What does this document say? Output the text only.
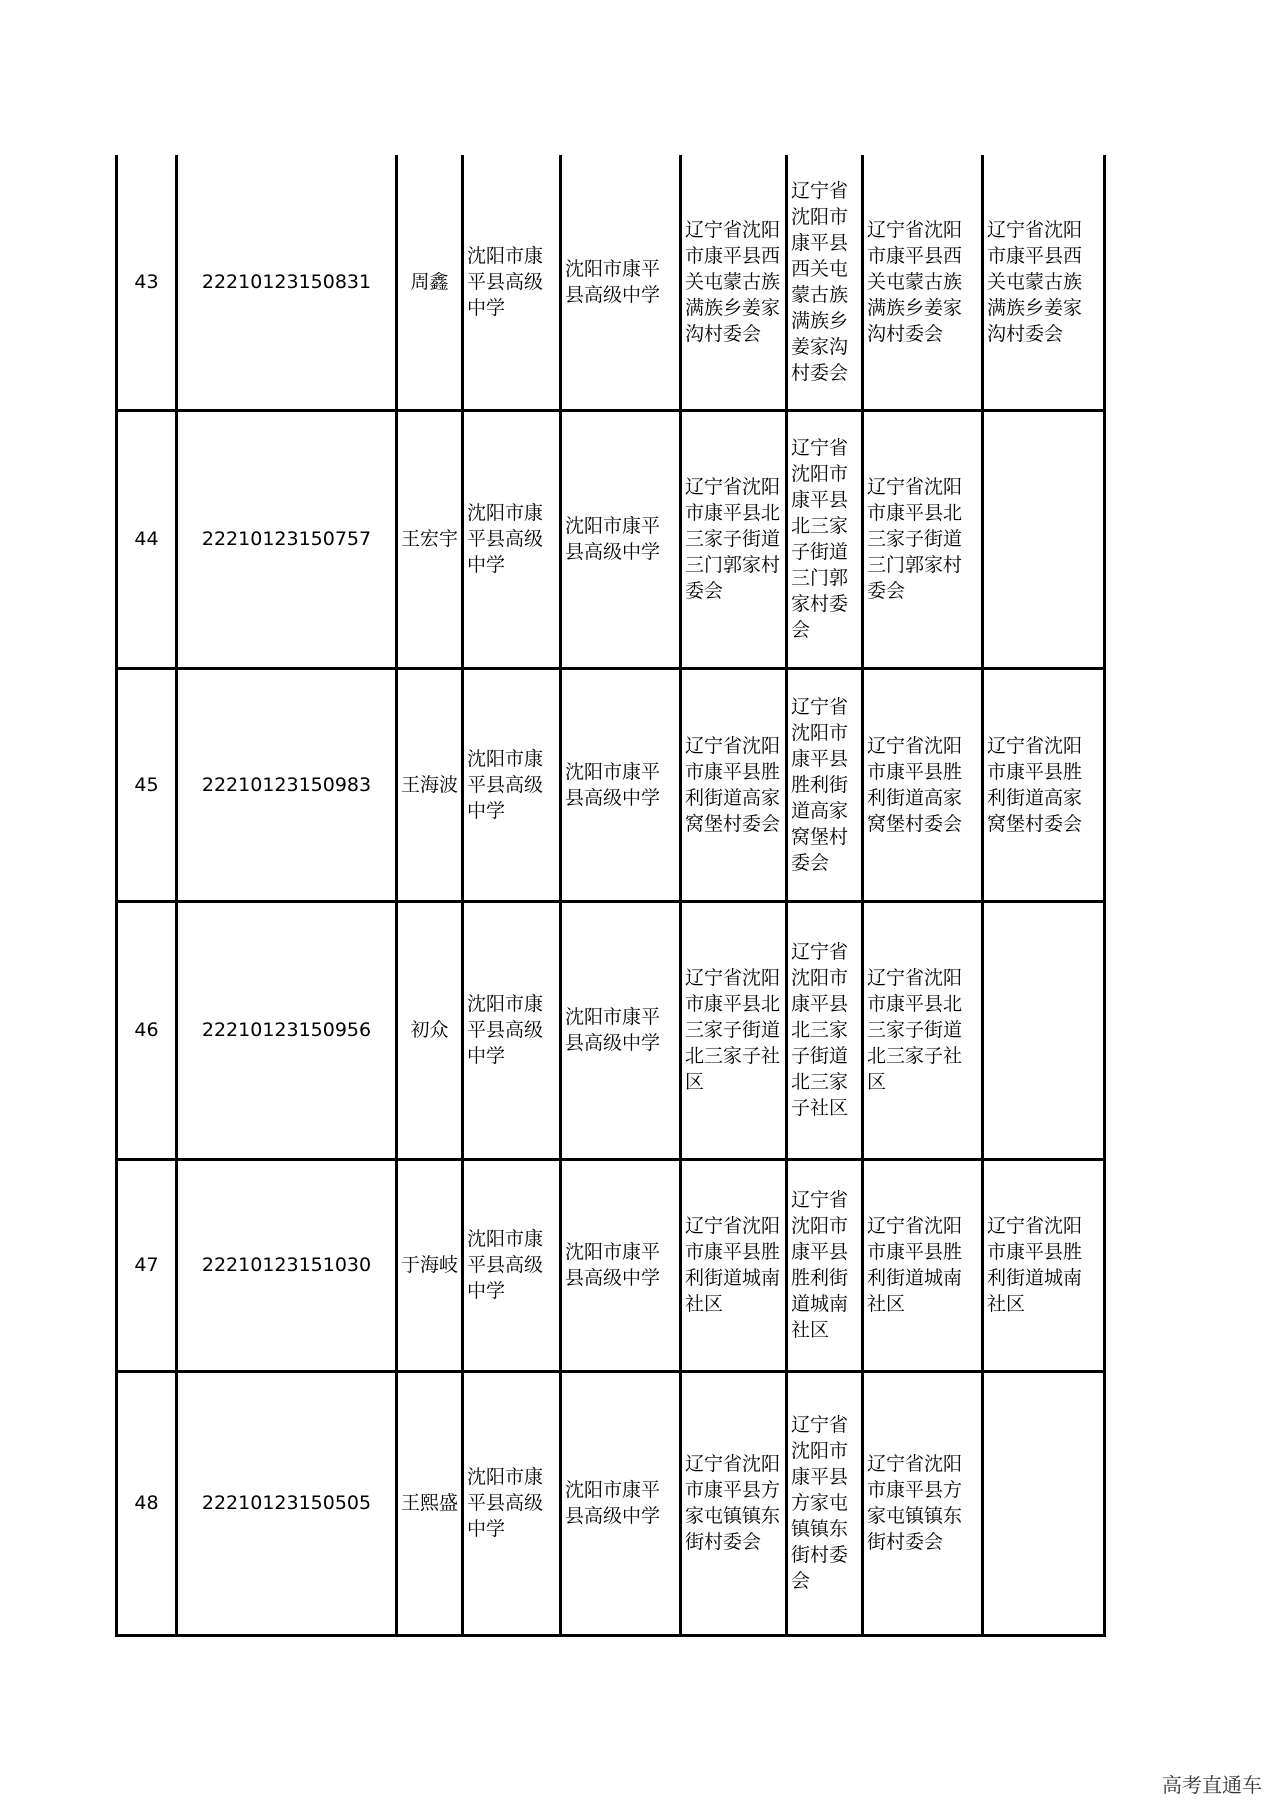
43	22210123150831	周鑫	沈阳市康平县高级中学	沈阳市康平县高级中学	辽宁省沈阳市康平县西关屯蒙古族满族乡姜家沟村委会	辽宁省沈阳市康平县西关屯蒙古族满族乡姜家沟村委会	辽宁省沈阳市康平县西关屯蒙古族满族乡姜家沟村委会	辽宁省沈阳市康平县西关屯蒙古族满族乡姜家沟村委会
44	22210123150757	王宏宇	沈阳市康平县高级中学	沈阳市康平县高级中学	辽宁省沈阳市康平县北三家子街道三门郭家村委会	辽宁省沈阳市康平县北三家子街道三门郭家村委会	辽宁省沈阳市康平县北三家子街道三门郭家村委会	
45	22210123150983	王海波	沈阳市康平县高级中学	沈阳市康平县高级中学	辽宁省沈阳市康平县胜利街道高家窝堡村委会	辽宁省沈阳市康平县胜利街道高家窝堡村委会	辽宁省沈阳市康平县胜利街道高家窝堡村委会	辽宁省沈阳市康平县胜利街道高家窝堡村委会
46	22210123150956	初众	沈阳市康平县高级中学	沈阳市康平县高级中学	辽宁省沈阳市康平县北三家子街道北三家子社区	辽宁省沈阳市康平县北三家子街道北三家子社区	辽宁省沈阳市康平县北三家子街道北三家子社区	
47	22210123151030	于海岐	沈阳市康平县高级中学	沈阳市康平县高级中学	辽宁省沈阳市康平县胜利街道城南社区	辽宁省沈阳市康平县胜利街道城南社区	辽宁省沈阳市康平县胜利街道城南社区	辽宁省沈阳市康平县胜利街道城南社区
48	22210123150505	王熙盛	沈阳市康平县高级中学	沈阳市康平县高级中学	辽宁省沈阳市康平县方家屯镇镇东街村委会	辽宁省沈阳市康平县方家屯镇镇东街村委会	辽宁省沈阳市康平县方家屯镇镇东街村委会	
高考直通车
